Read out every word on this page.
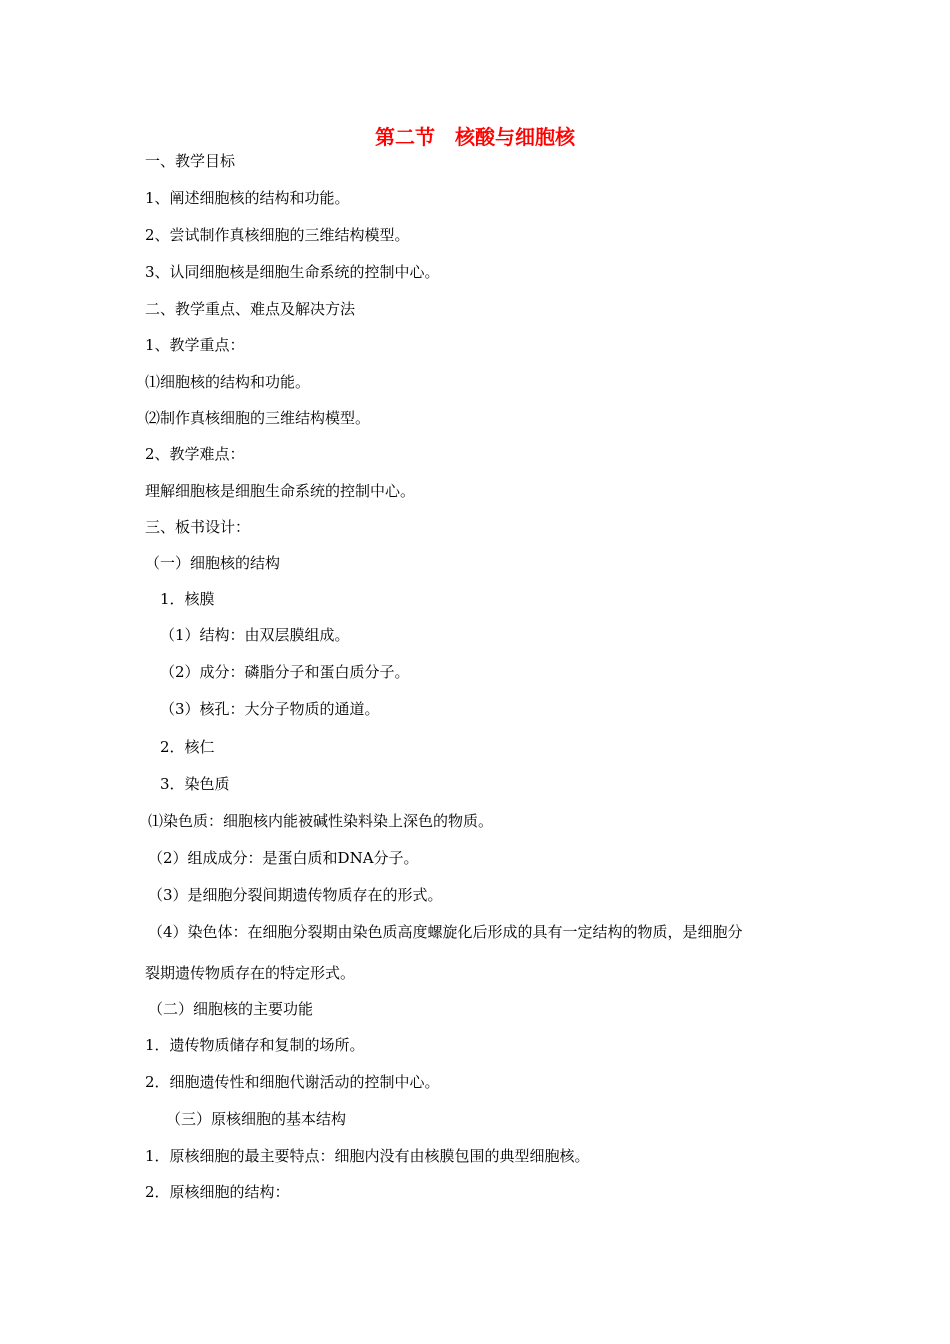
第二节　核酸与细胞核
一、教学目标
1、阐述细胞核的结构和功能。
2、尝试制作真核细胞的三维结构模型。
3、认同细胞核是细胞生命系统的控制中心。
二、教学重点、难点及解决方法
1、教学重点：
⑴细胞核的结构和功能。
⑵制作真核细胞的三维结构模型。
2、教学难点：
理解细胞核是细胞生命系统的控制中心。
三、板书设计：
（一）细胞核的结构
1．核膜
（1）结构：由双层膜组成。
（2）成分：磷脂分子和蛋白质分子。
（3）核孔：大分子物质的通道。
2．核仁
3．染色质
⑴染色质：细胞核内能被碱性染料染上深色的物质。
（2）组成成分：是蛋白质和DNA分子。
（3）是细胞分裂间期遗传物质存在的形式。
（4）染色体：在细胞分裂期由染色质高度螺旋化后形成的具有一定结构的物质，是细胞分
裂期遗传物质存在的特定形式。
（二）细胞核的主要功能
1．遗传物质储存和复制的场所。
2．细胞遗传性和细胞代谢活动的控制中心。
（三）原核细胞的基本结构
1．原核细胞的最主要特点：细胞内没有由核膜包围的典型细胞核。
2．原核细胞的结构：
